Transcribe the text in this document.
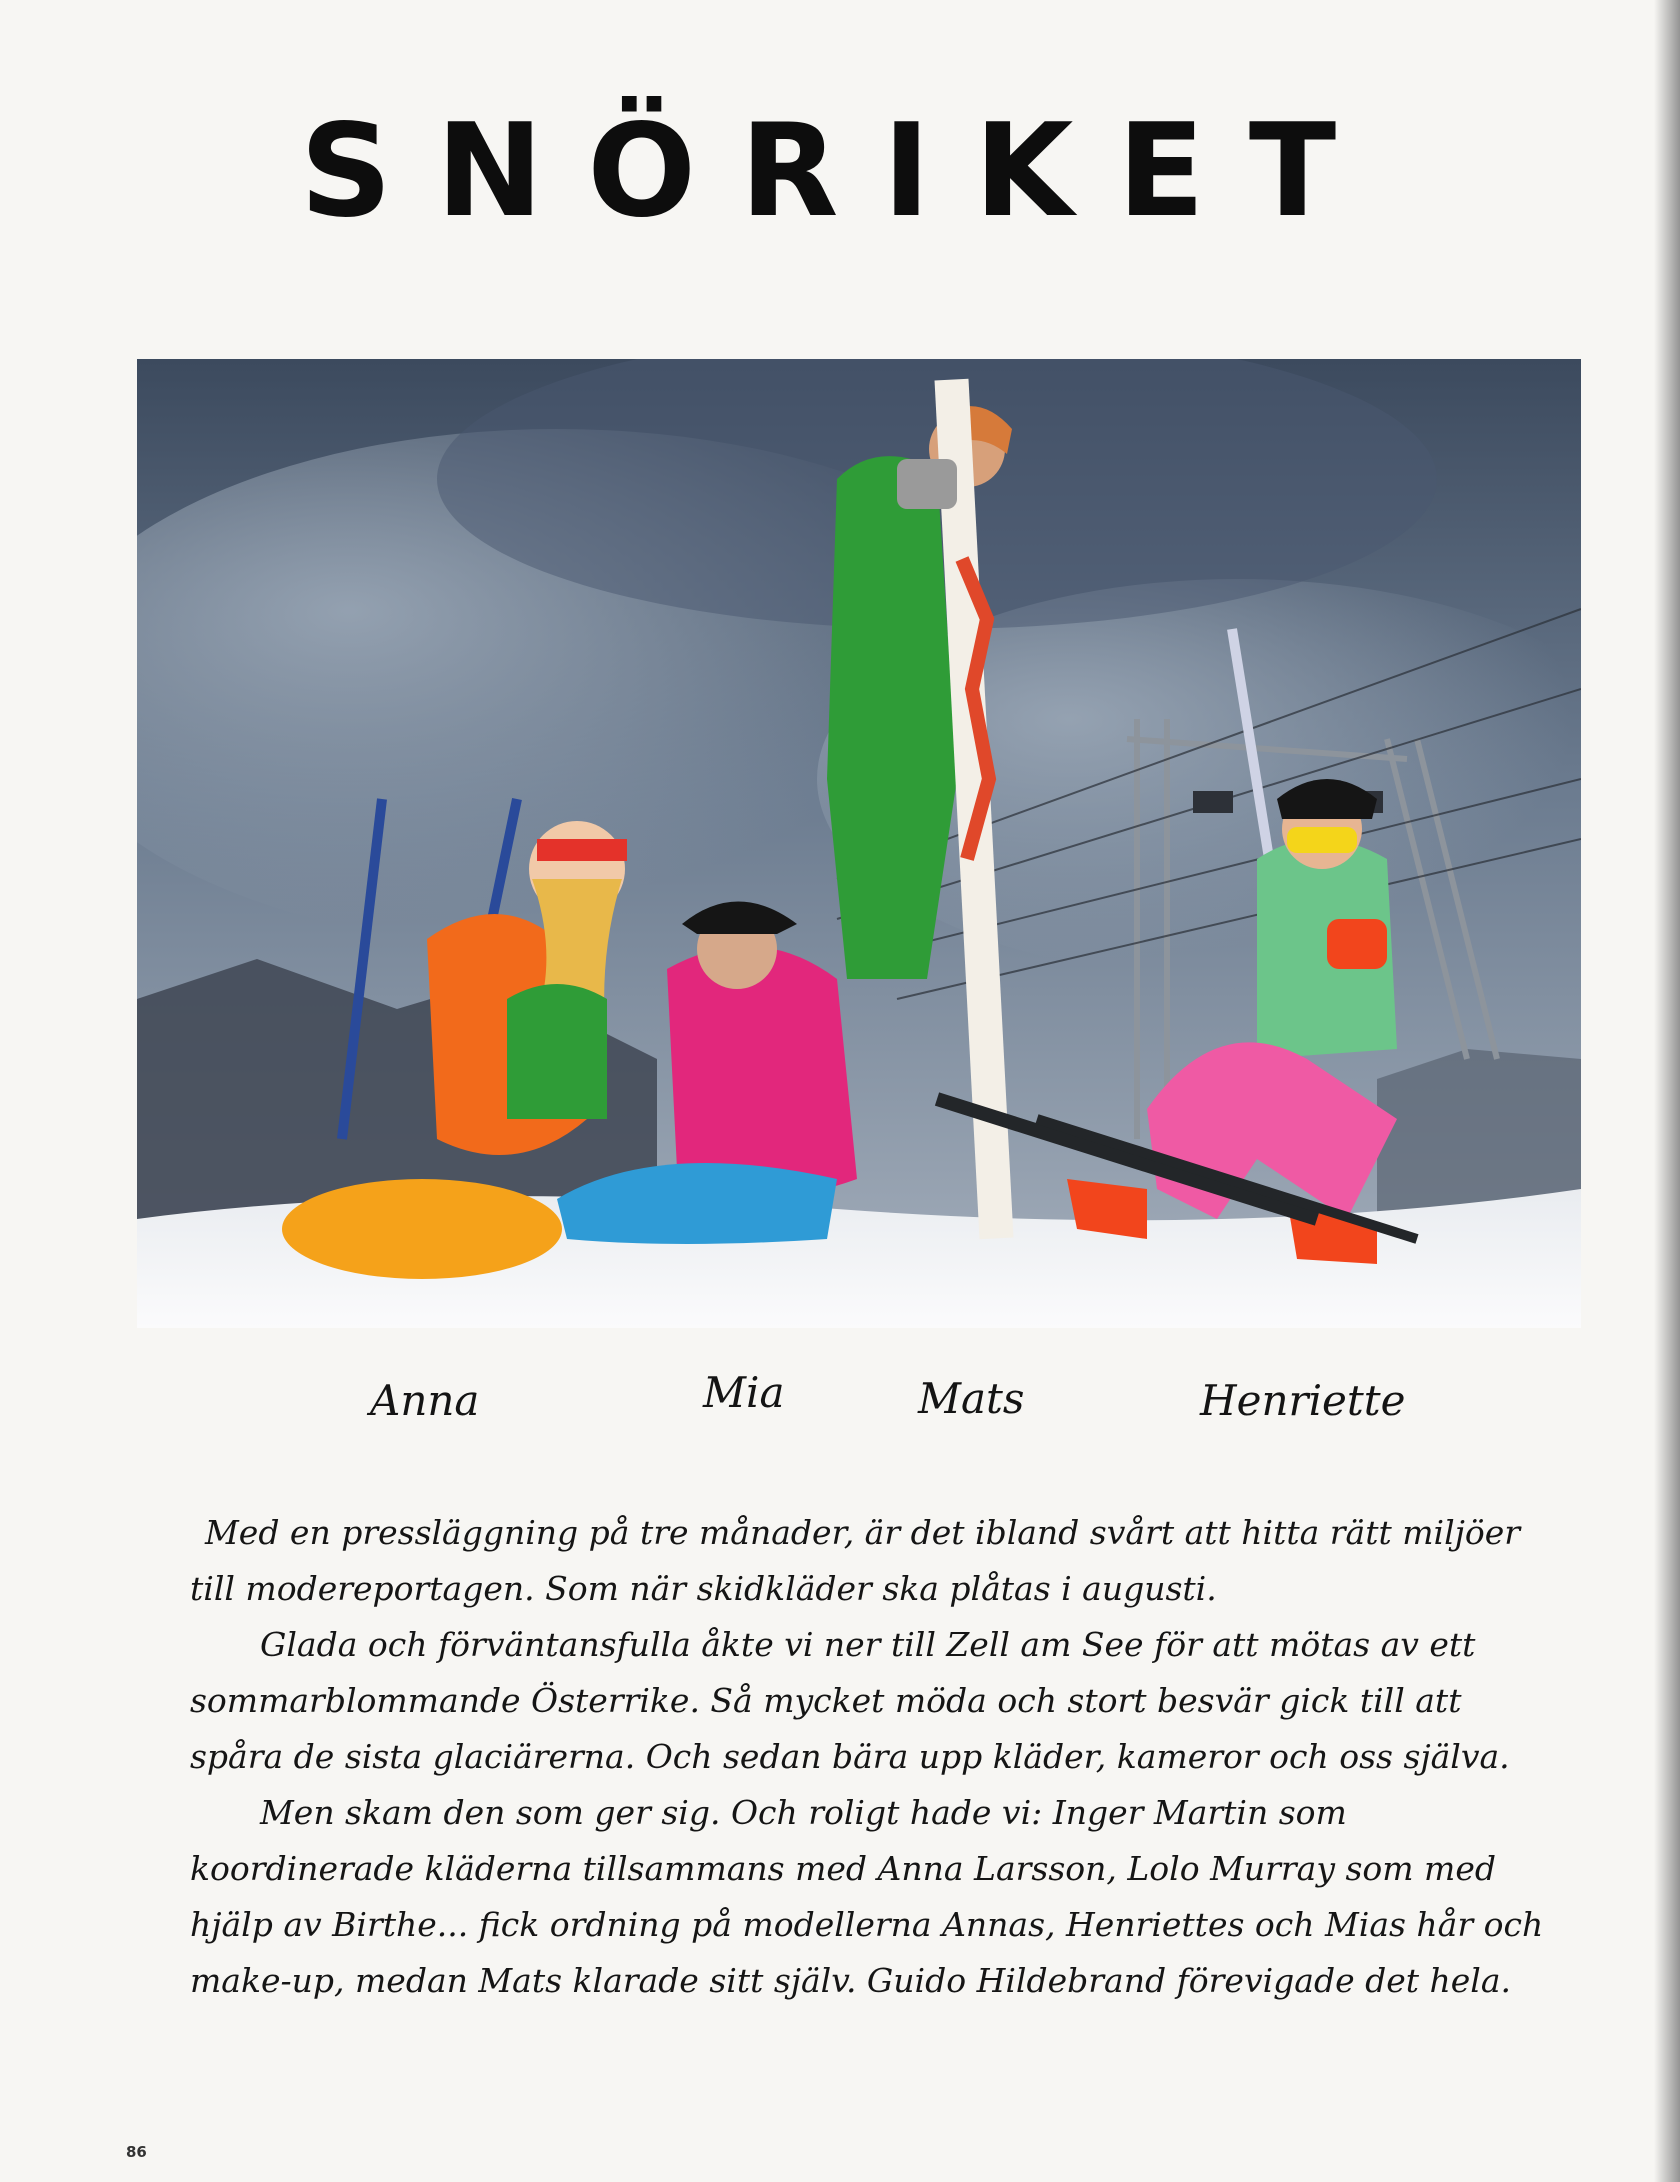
SNÖRIKET
Anna	Mia	Mats	Henriette

Med en pressläggning på tre månader, är det ibland svårt att hitta rätt miljöer till modereportagen. Som när skidkläder ska plåtas i augusti.

Glada och förväntansfulla åkte vi ner till Zell am See för att mötas av ett sommarblommande Österrike. Så mycket möda och stort besvär gick till att spåra de sista glaciärerna. Och sedan bära upp kläder, kameror och oss själva.

Men skam den som ger sig. Och roligt hade vi: Inger Martin som koordinerade kläderna tillsammans med Anna Larsson, Lolo Murray som med hjälp av Birthe... fick ordning på modellerna Annas, Henriettes och Mias hår och make-up, medan Mats klarade sitt själv. Guido Hildebrand förevigade det hela.

86
